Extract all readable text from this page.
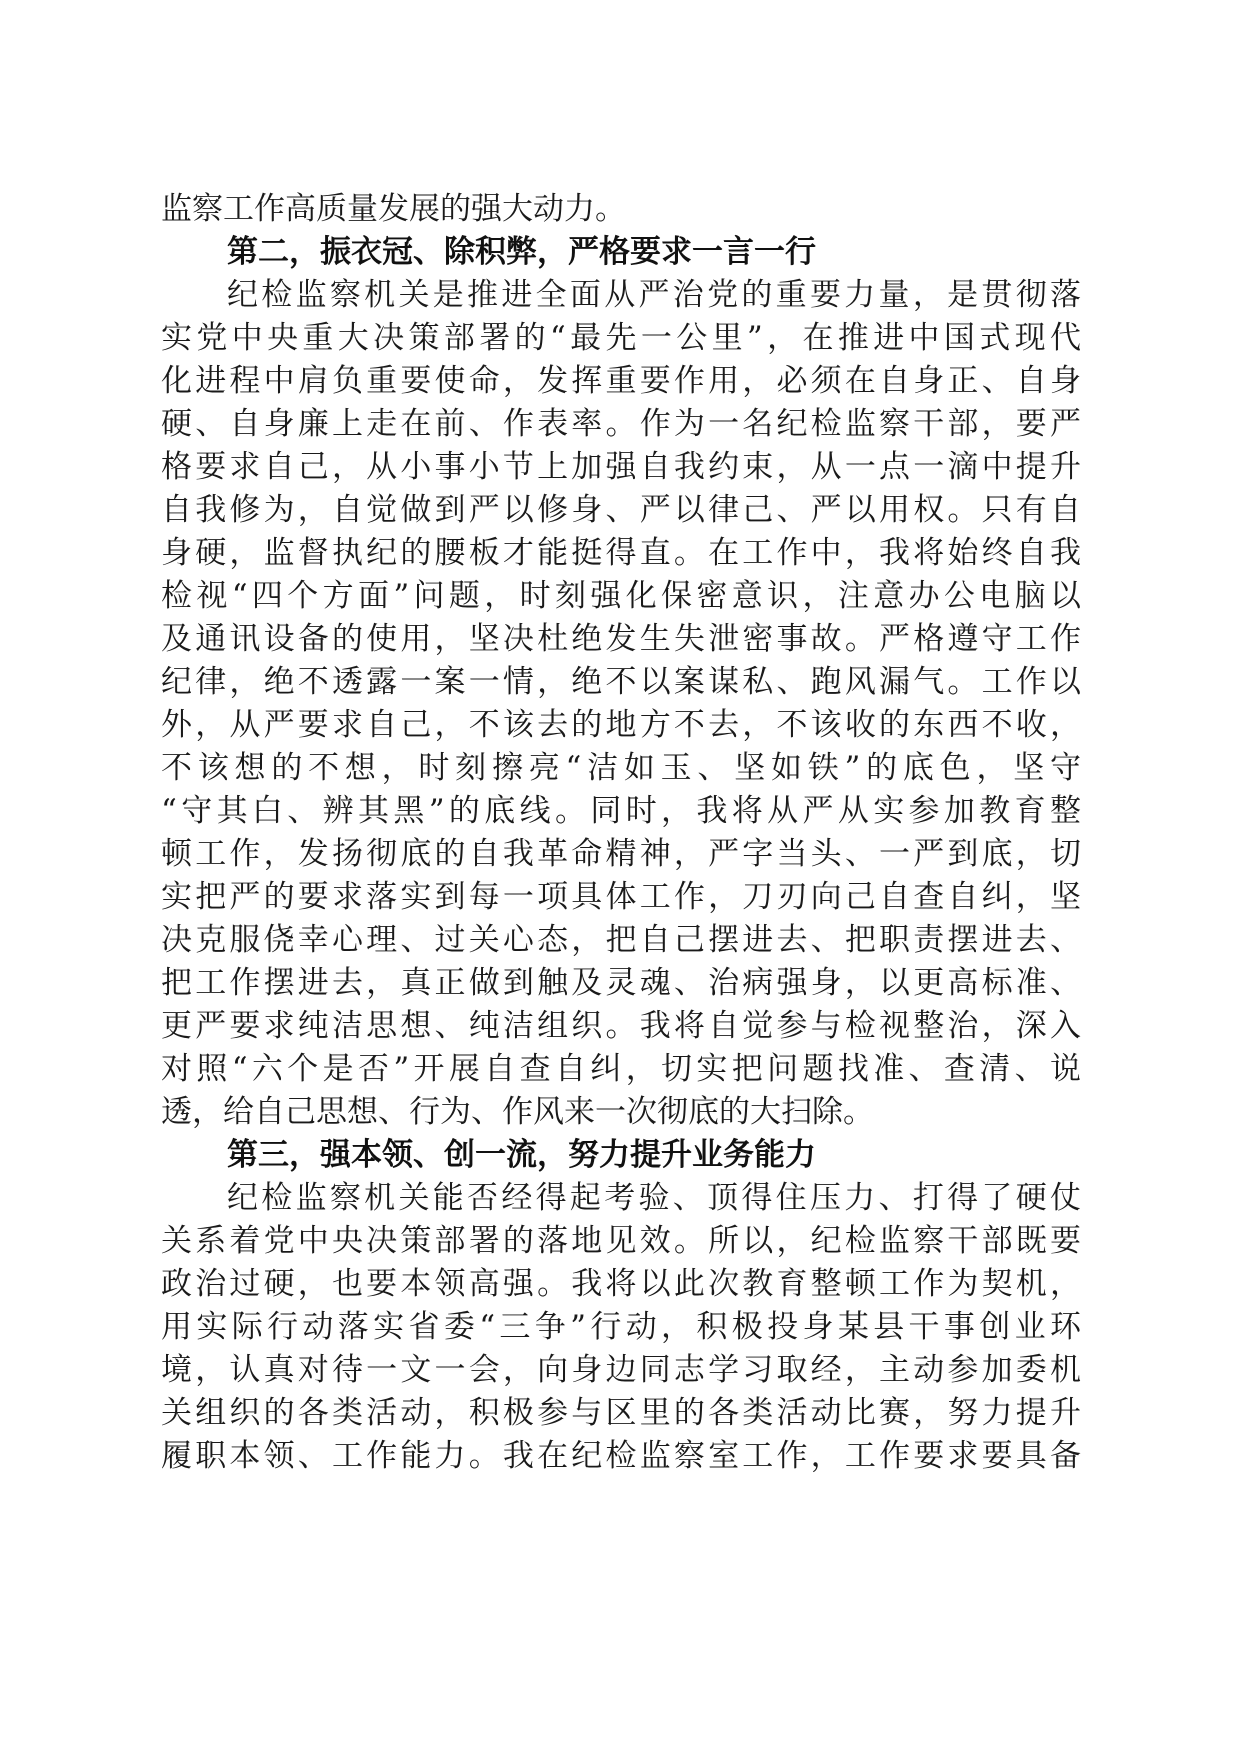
监察工作高质量发展的强大动力。
第二，振衣冠、除积弊，严格要求一言一行
纪检监察机关是推进全面从严治党的重要力量，是贯彻落
实党中央重大决策部署的“最先一公里”，在推进中国式现代
化进程中肩负重要使命，发挥重要作用，必须在自身正、自身
硬、自身廉上走在前、作表率。作为一名纪检监察干部，要严
格要求自己，从小事小节上加强自我约束，从一点一滴中提升
自我修为，自觉做到严以修身、严以律己、严以用权。只有自
身硬，监督执纪的腰板才能挺得直。在工作中，我将始终自我
检视“四个方面”问题，时刻强化保密意识，注意办公电脑以
及通讯设备的使用，坚决杜绝发生失泄密事故。严格遵守工作
纪律，绝不透露一案一情，绝不以案谋私、跑风漏气。工作以
外，从严要求自己，不该去的地方不去，不该收的东西不收，
不该想的不想，时刻擦亮“洁如玉、坚如铁”的底色，坚守
“守其白、辨其黑”的底线。同时，我将从严从实参加教育整
顿工作，发扬彻底的自我革命精神，严字当头、一严到底，切
实把严的要求落实到每一项具体工作，刀刃向己自查自纠，坚
决克服侥幸心理、过关心态，把自己摆进去、把职责摆进去、
把工作摆进去，真正做到触及灵魂、治病强身，以更高标准、
更严要求纯洁思想、纯洁组织。我将自觉参与检视整治，深入
对照“六个是否”开展自查自纠，切实把问题找准、查清、说
透，给自己思想、行为、作风来一次彻底的大扫除。
第三，强本领、创一流，努力提升业务能力
纪检监察机关能否经得起考验、顶得住压力、打得了硬仗
关系着党中央决策部署的落地见效。所以，纪检监察干部既要
政治过硬，也要本领高强。我将以此次教育整顿工作为契机，
用实际行动落实省委“三争”行动，积极投身某县干事创业环
境，认真对待一文一会，向身边同志学习取经，主动参加委机
关组织的各类活动，积极参与区里的各类活动比赛，努力提升
履职本领、工作能力。我在纪检监察室工作，工作要求要具备
